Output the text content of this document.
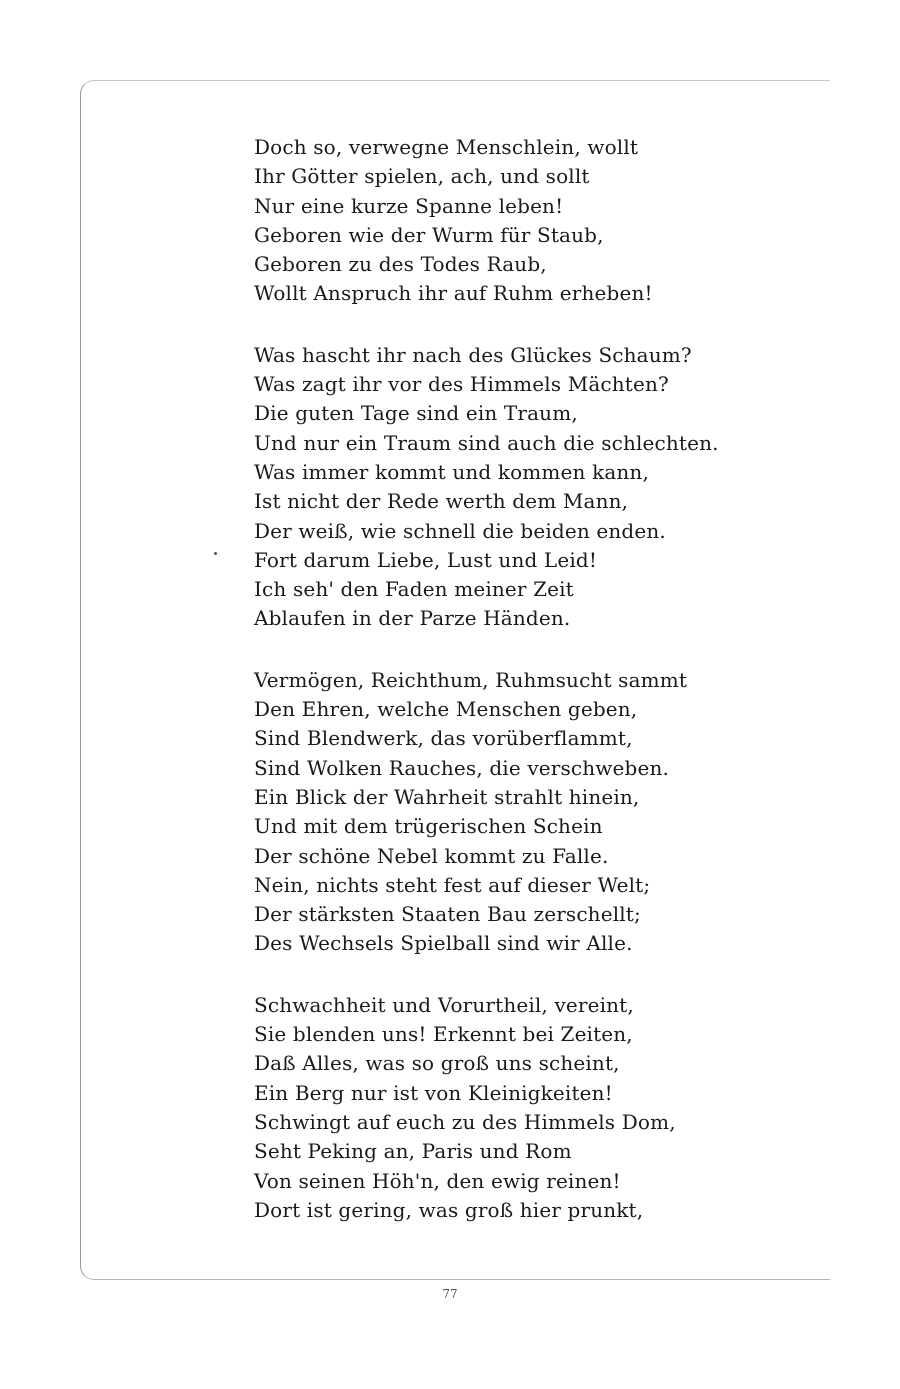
Doch so, verwegne Menschlein, wollt
Ihr Götter spielen, ach, und sollt
Nur eine kurze Spanne leben!
Geboren wie der Wurm für Staub,
Geboren zu des Todes Raub,
Wollt Anspruch ihr auf Ruhm erheben!
Was hascht ihr nach des Glückes Schaum?
Was zagt ihr vor des Himmels Mächten?
Die guten Tage sind ein Traum,
Und nur ein Traum sind auch die schlechten.
Was immer kommt und kommen kann,
Ist nicht der Rede werth dem Mann,
Der weiß, wie schnell die beiden enden.
Fort darum Liebe, Lust und Leid!
Ich seh' den Faden meiner Zeit
Ablaufen in der Parze Händen.
Vermögen, Reichthum, Ruhmsucht sammt
Den Ehren, welche Menschen geben,
Sind Blendwerk, das vorüberflammt,
Sind Wolken Rauches, die verschweben.
Ein Blick der Wahrheit strahlt hinein,
Und mit dem trügerischen Schein
Der schöne Nebel kommt zu Falle.
Nein, nichts steht fest auf dieser Welt;
Der stärksten Staaten Bau zerschellt;
Des Wechsels Spielball sind wir Alle.
Schwachheit und Vorurtheil, vereint,
Sie blenden uns! Erkennt bei Zeiten,
Daß Alles, was so groß uns scheint,
Ein Berg nur ist von Kleinigkeiten!
Schwingt auf euch zu des Himmels Dom,
Seht Peking an, Paris und Rom
Von seinen Höh'n, den ewig reinen!
Dort ist gering, was groß hier prunkt,
77
